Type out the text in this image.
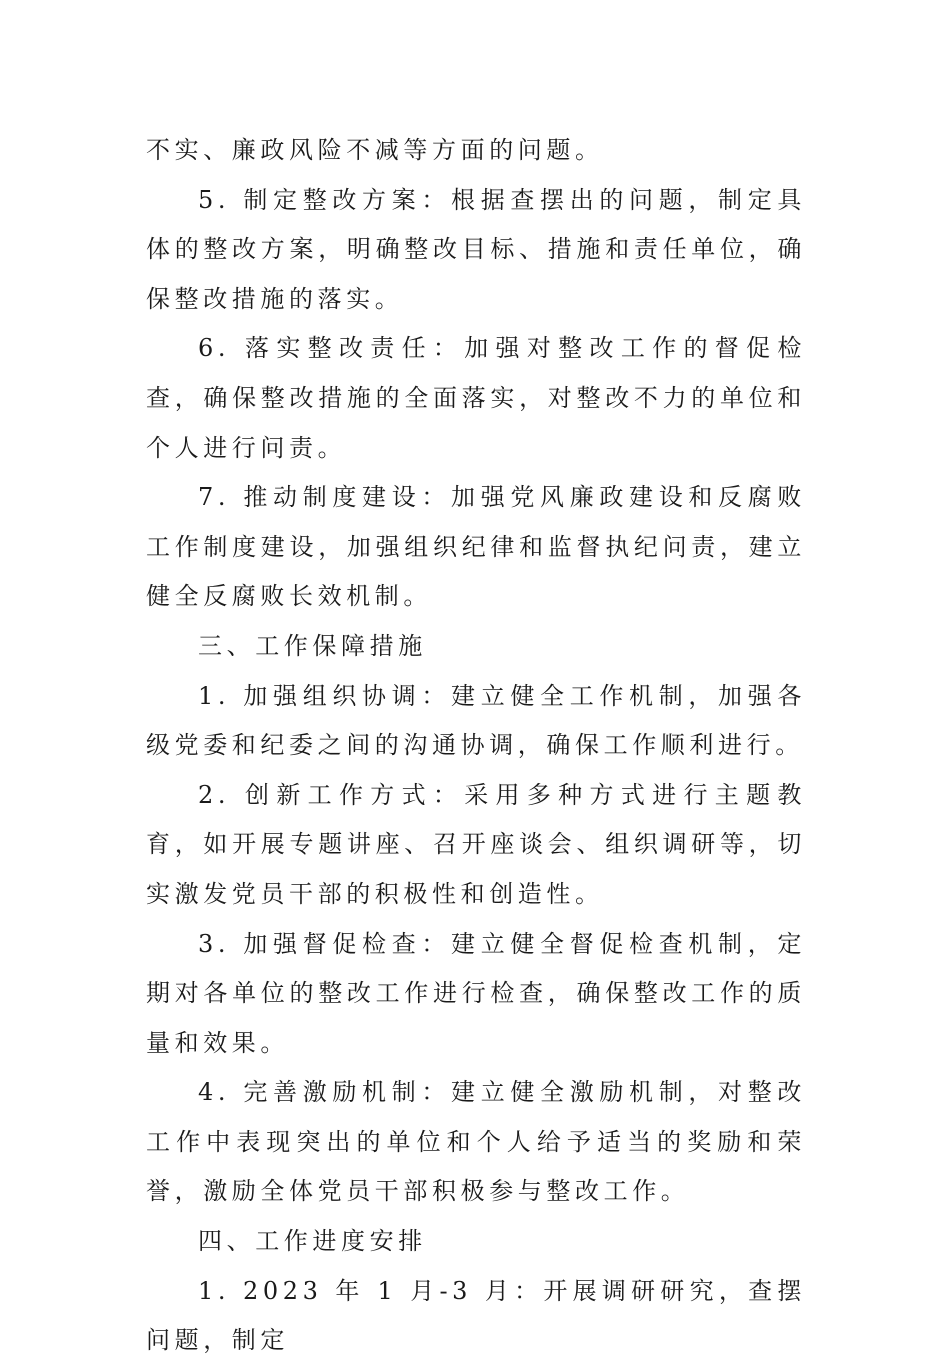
不实、廉政风险不减等方面的问题。

5. 制定整改方案：根据查摆出的问题，制定具体的整改方案，明确整改目标、措施和责任单位，确保整改措施的落实。

6. 落实整改责任：加强对整改工作的督促检查，确保整改措施的全面落实，对整改不力的单位和个人进行问责。

7. 推动制度建设：加强党风廉政建设和反腐败工作制度建设，加强组织纪律和监督执纪问责，建立健全反腐败长效机制。

三、工作保障措施

1. 加强组织协调：建立健全工作机制，加强各级党委和纪委之间的沟通协调，确保工作顺利进行。

2. 创新工作方式：采用多种方式进行主题教育，如开展专题讲座、召开座谈会、组织调研等，切实激发党员干部的积极性和创造性。

3. 加强督促检查：建立健全督促检查机制，定期对各单位的整改工作进行检查，确保整改工作的质量和效果。

4. 完善激励机制：建立健全激励机制，对整改工作中表现突出的单位和个人给予适当的奖励和荣誉，激励全体党员干部积极参与整改工作。

四、工作进度安排

1. 2023 年 1 月-3 月：开展调研研究，查摆问题，制定
